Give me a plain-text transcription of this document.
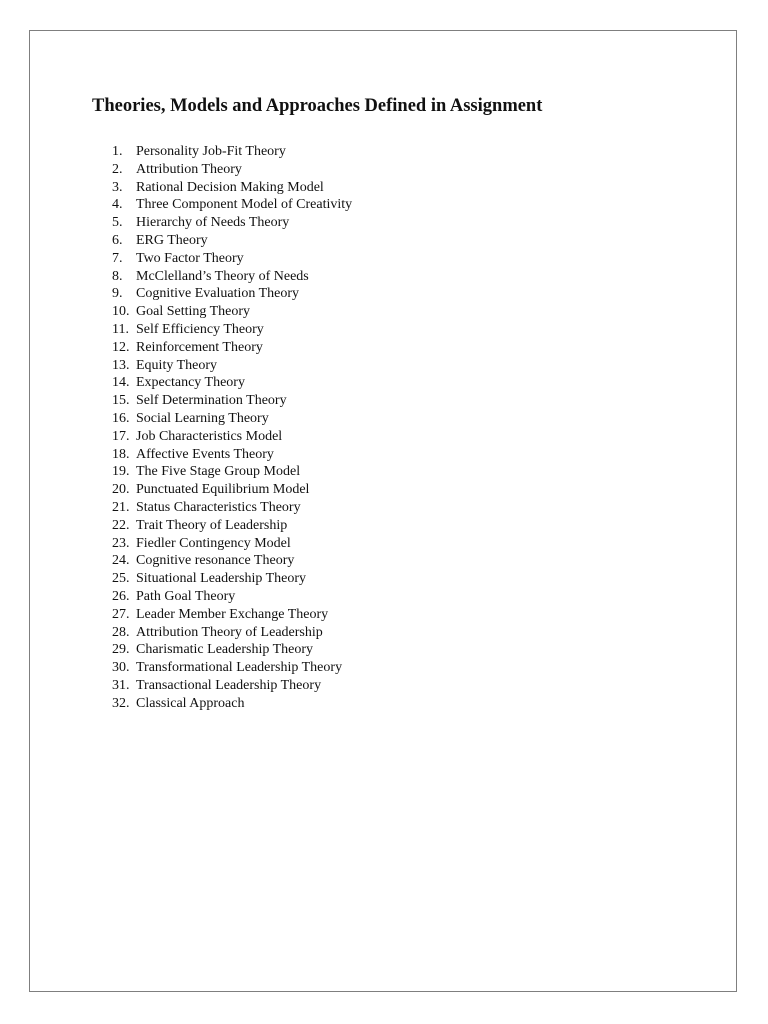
Theories, Models and Approaches Defined in Assignment
1. Personality Job-Fit Theory
2. Attribution Theory
3. Rational Decision Making Model
4. Three Component Model of Creativity
5. Hierarchy of Needs Theory
6. ERG Theory
7. Two Factor Theory
8. McClelland’s Theory of Needs
9. Cognitive Evaluation Theory
10. Goal Setting Theory
11. Self Efficiency Theory
12. Reinforcement Theory
13. Equity Theory
14. Expectancy Theory
15. Self Determination Theory
16. Social Learning Theory
17. Job Characteristics Model
18. Affective Events Theory
19. The Five Stage Group Model
20. Punctuated Equilibrium Model
21. Status Characteristics Theory
22. Trait Theory of Leadership
23. Fiedler Contingency Model
24. Cognitive resonance Theory
25. Situational Leadership Theory
26. Path Goal Theory
27. Leader Member Exchange Theory
28. Attribution Theory of Leadership
29. Charismatic Leadership Theory
30. Transformational Leadership Theory
31. Transactional Leadership Theory
32. Classical Approach
